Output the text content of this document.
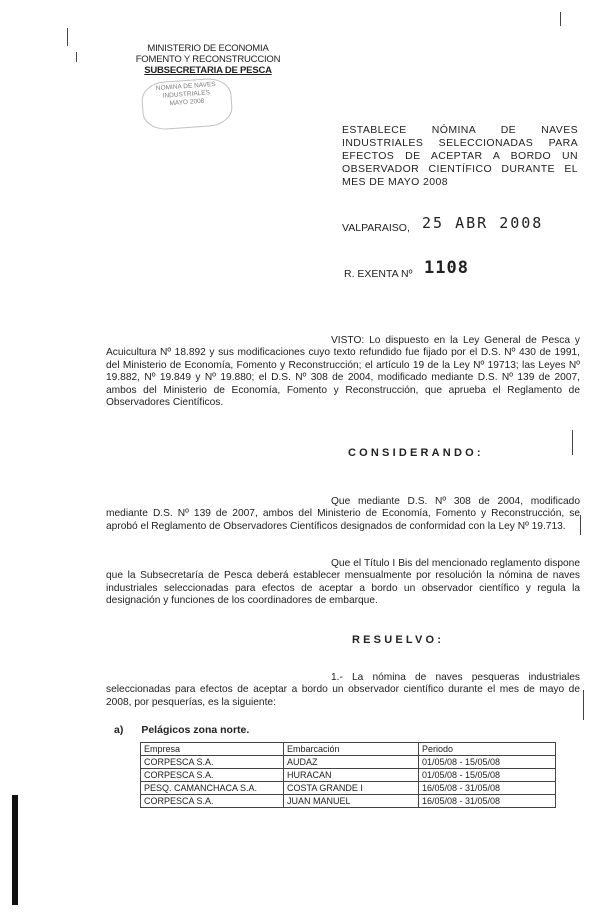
MINISTERIO DE ECONOMIA
FOMENTO Y RECONSTRUCCION
SUBSECRETARIA DE PESCA
NOMINA DE NAVES INDUSTRIALES
MAYO 2008
ESTABLECE NÓMINA DE NAVES INDUSTRIALES SELECCIONADAS PARA EFECTOS DE ACEPTAR A BORDO UN OBSERVADOR CIENTÍFICO DURANTE EL MES DE MAYO 2008
VALPARAISO, 25 ABR 2008
R. EXENTA Nº 1108

VISTO: Lo dispuesto en la Ley General de Pesca y Acuicultura Nº 18.892 y sus modificaciones cuyo texto refundido fue fijado por el D.S. Nº 430 de 1991, del Ministerio de Economía, Fomento y Reconstrucción; el artículo 19 de la Ley Nº 19713; las Leyes Nº 19.882, Nº 19.849 y Nº 19.880; el D.S. Nº 308 de 2004, modificado mediante D.S. Nº 139 de 2007, ambos del Ministerio de Economía, Fomento y Reconstrucción, que aprueba el Reglamento de Observadores Científicos.

CONSIDERANDO:

Que mediante D.S. Nº 308 de 2004, modificado mediante D.S. Nº 139 de 2007, ambos del Ministerio de Economía, Fomento y Reconstrucción, se aprobó el Reglamento de Observadores Científicos designados de conformidad con la Ley Nº 19.713.

Que el Título I Bis del mencionado reglamento dispone que la Subsecretaría de Pesca deberá establecer mensualmente por resolución la nómina de naves industriales seleccionadas para efectos de aceptar a bordo un observador científico y regula la designación y funciones de los coordinadores de embarque.

RESUELVO:

1.- La nómina de naves pesqueras industriales seleccionadas para efectos de aceptar a bordo un observador científico durante el mes de mayo de 2008, por pesquerías, es la siguiente:

a) Pelágicos zona norte.
Empresa	Embarcación	Periodo
CORPESCA S.A.	AUDAZ	01/05/08 - 15/05/08
CORPESCA S.A.	HURACAN	01/05/08 - 15/05/08
PESQ. CAMANCHACA S.A.	COSTA GRANDE I	16/05/08 - 31/05/08
CORPESCA S.A.	JUAN MANUEL	16/05/08 - 31/05/08
